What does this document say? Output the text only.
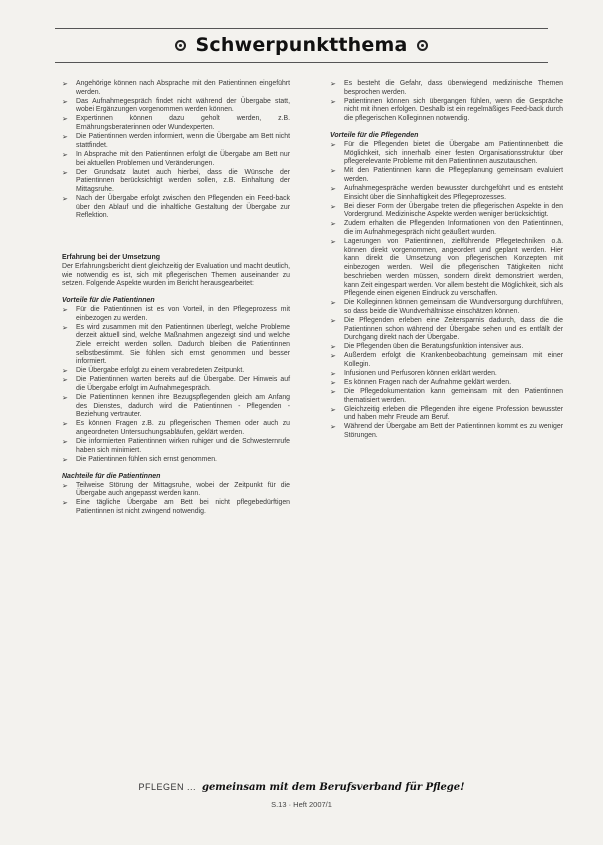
Schwerpunktthema
➢ Angehörige können nach Absprache mit den Patientinnen eingeführt werden.
➢ Das Aufnahmegespräch findet nicht während der Übergabe statt, wobei Ergänzungen vorgenommen werden können.
➢ Expertinnen können dazu geholt werden, z.B. Ernährungsberaterinnen oder Wundexperten.
➢ Die Patientinnen werden informiert, wenn die Übergabe am Bett nicht stattfindet.
➢ In Absprache mit den Patientinnen erfolgt die Übergabe am Bett nur bei aktuellen Problemen und Veränderungen.
➢ Der Grundsatz lautet auch hierbei, dass die Wünsche der Patientinnen berücksichtigt werden sollen, z.B. Einhaltung der Mittagsruhe.
➢ Nach der Übergabe erfolgt zwischen den Pflegenden ein Feed-back über den Ablauf und die inhaltliche Gestaltung der Übergabe zur Reflektion.
Erfahrung bei der Umsetzung

Der Erfahrungsbericht dient gleichzeitig der Evaluation und macht deutlich, wie notwendig es ist, sich mit pflegerischen Themen auseinander zu setzen. Folgende Aspekte wurden im Bericht herausgearbeitet:

Vorteile für die Patientinnen
➢ Für die Patientinnen ist es von Vorteil, in den Pflegeprozess mit einbezogen zu werden.
➢ Es wird zusammen mit den Patientinnen überlegt, welche Probleme derzeit aktuell sind, welche Maßnahmen angezeigt sind und welche Ziele erreicht werden sollen. Dadurch bleiben die Patientinnen selbstbestimmt. Sie fühlen sich ernst genommen und besser informiert.
➢ Die Übergabe erfolgt zu einem verabredeten Zeitpunkt.
➢ Die Patientinnen warten bereits auf die Übergabe. Der Hinweis auf die Übergabe erfolgt im Aufnahmegespräch.
➢ Die Patientinnen kennen ihre Bezugspflegenden gleich am Anfang des Dienstes, dadurch wird die Patientinnen - Pflegenden - Beziehung vertrauter.
➢ Es können Fragen z.B. zu pflegerischen Themen oder auch zu angeordneten Untersuchungsabläufen, geklärt werden.
➢ Die informierten Patientinnen wirken ruhiger und die Schwesternrufe haben sich minimiert.
➢ Die Patientinnen fühlen sich ernst genommen.
Nachteile für die Patientinnen
➢ Teilweise Störung der Mittagsruhe, wobei der Zeitpunkt für die Übergabe auch angepasst werden kann.
➢ Eine tägliche Übergabe am Bett bei nicht pflegebedürftigen Patientinnen ist nicht zwingend notwendig.
➢ Es besteht die Gefahr, dass überwiegend medizinische Themen besprochen werden.
➢ Patientinnen können sich übergangen fühlen, wenn die Gespräche nicht mit ihnen erfolgen. Deshalb ist ein regelmäßiges Feed-back durch die pflegerischen Kolleginnen notwendig.
Vorteile für die Pflegenden
➢ Für die Pflegenden bietet die Übergabe am Patientinnenbett die Möglichkeit, sich innerhalb einer festen Organisationsstruktur über pflegerelevante Probleme mit den Patientinnen auszutauschen.
➢ Mit den Patientinnen kann die Pflegeplanung gemeinsam evaluiert werden.
➢ Aufnahmegespräche werden bewusster durchgeführt und es entsteht Einsicht über die Sinnhaftigkeit des Pflegeprozesses.
➢ Bei dieser Form der Übergabe treten die pflegerischen Aspekte in den Vordergrund. Medizinische Aspekte werden weniger berücksichtigt.
➢ Zudem erhalten die Pflegenden Informationen von den Patientinnen, die im Aufnahmegespräch nicht geäußert wurden.
➢ Lagerungen von Patientinnen, zielführende Pflegetechniken o.ä. können direkt vorgenommen, angeordert und geplant werden. Hier kann direkt die Umsetzung von pflegerischen Konzepten mit einbezogen werden. Weil die pflegerischen Tätigkeiten nicht beschrieben werden müssen, sondern direkt demonstriert werden, kann Zeit eingespart werden. Vor allem besteht die Möglichkeit, sich als Pflegende einen eigenen Eindruck zu verschaffen.
➢ Die Kolleginnen können gemeinsam die Wundversorgung durchführen, so dass beide die Wundverhältnisse einschätzen können.
➢ Die Pflegenden erleben eine Zeitersparnis dadurch, dass die die Patientinnen schon während der Übergabe sehen und es entfällt der Durchgang direkt nach der Übergabe.
➢ Die Pflegenden üben die Beratungsfunktion intensiver aus.
➢ Außerdem erfolgt die Krankenbeobachtung gemeinsam mit einer Kollegin.
➢ Infusionen und Perfusoren können erklärt werden.
➢ Es können Fragen nach der Aufnahme geklärt werden.
➢ Die Pflegedokumentation kann gemeinsam mit den Patientinnen thematisiert werden.
➢ Gleichzeitig erleben die Pflegenden ihre eigene Profession bewusster und haben mehr Freude am Beruf.
➢ Während der Übergabe am Bett der Patientinnen kommt es zu weniger Störungen.
PFLEGEN ... gemeinsam mit dem Berufsverband für Pflege!
S.13 · Heft 2007/1
